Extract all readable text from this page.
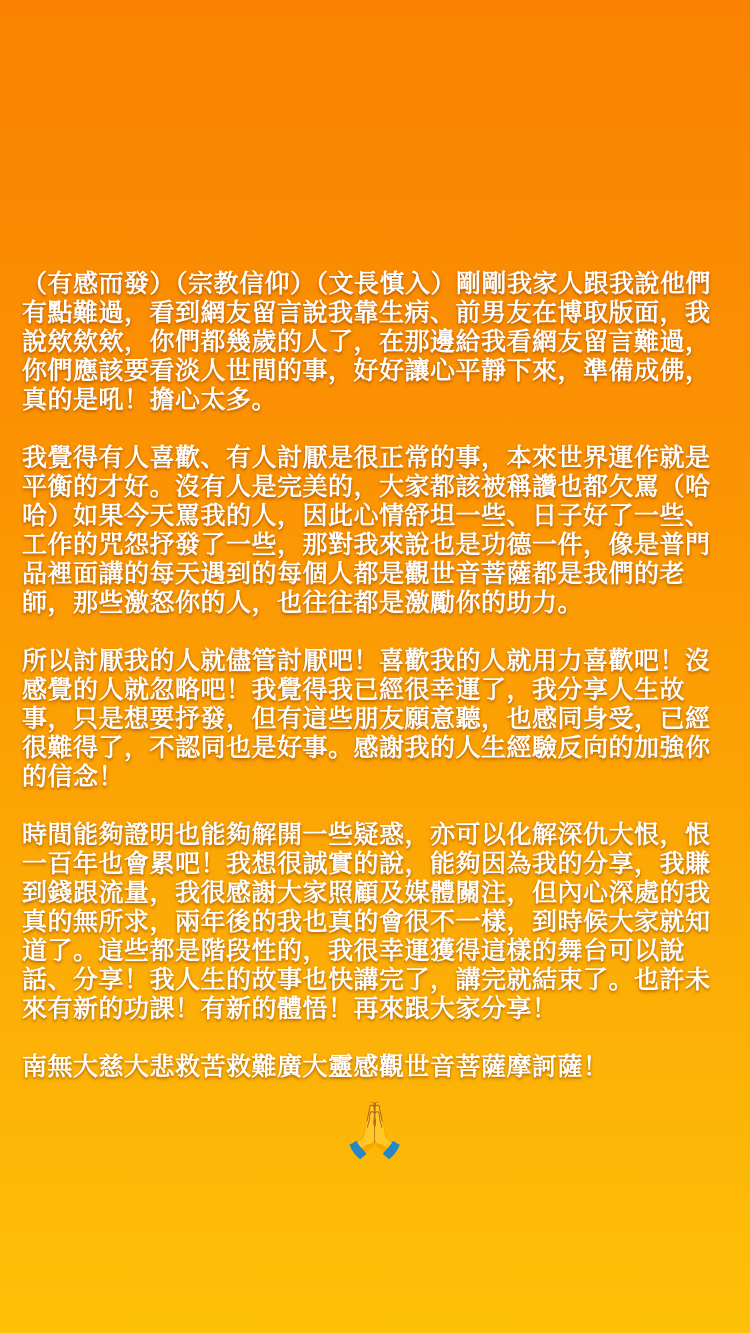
（有感而發）（宗教信仰）（文長慎入）剛剛我家人跟我說他們有點難過，看到網友留言說我靠生病、前男友在博取版面，我說欸欸欸，你們都幾歲的人了，在那邊給我看網友留言難過，你們應該要看淡人世間的事，好好讓心平靜下來，準備成佛，真的是吼！擔心太多。

我覺得有人喜歡、有人討厭是很正常的事，本來世界運作就是平衡的才好。沒有人是完美的，大家都該被稱讚也都欠罵（哈哈）如果今天罵我的人，因此心情舒坦一些、日子好了一些、工作的咒怨抒發了一些，那對我來說也是功德一件，像是普門品裡面講的每天遇到的每個人都是觀世音菩薩都是我們的老師，那些激怒你的人，也往往都是激勵你的助力。

所以討厭我的人就儘管討厭吧！喜歡我的人就用力喜歡吧！沒感覺的人就忽略吧！我覺得我已經很幸運了，我分享人生故事，只是想要抒發，但有這些朋友願意聽，也感同身受，已經很難得了，不認同也是好事。感謝我的人生經驗反向的加強你的信念！

時間能夠證明也能夠解開一些疑惑，亦可以化解深仇大恨，恨一百年也會累吧！我想很誠實的說，能夠因為我的分享，我賺到錢跟流量，我很感謝大家照顧及媒體關注，但內心深處的我真的無所求，兩年後的我也真的會很不一樣，到時候大家就知道了。這些都是階段性的，我很幸運獲得這樣的舞台可以說話、分享！我人生的故事也快講完了，講完就結束了。也許未來有新的功課！有新的體悟！再來跟大家分享！

南無大慈大悲救苦救難廣大靈感觀世音菩薩摩訶薩！

🙏
